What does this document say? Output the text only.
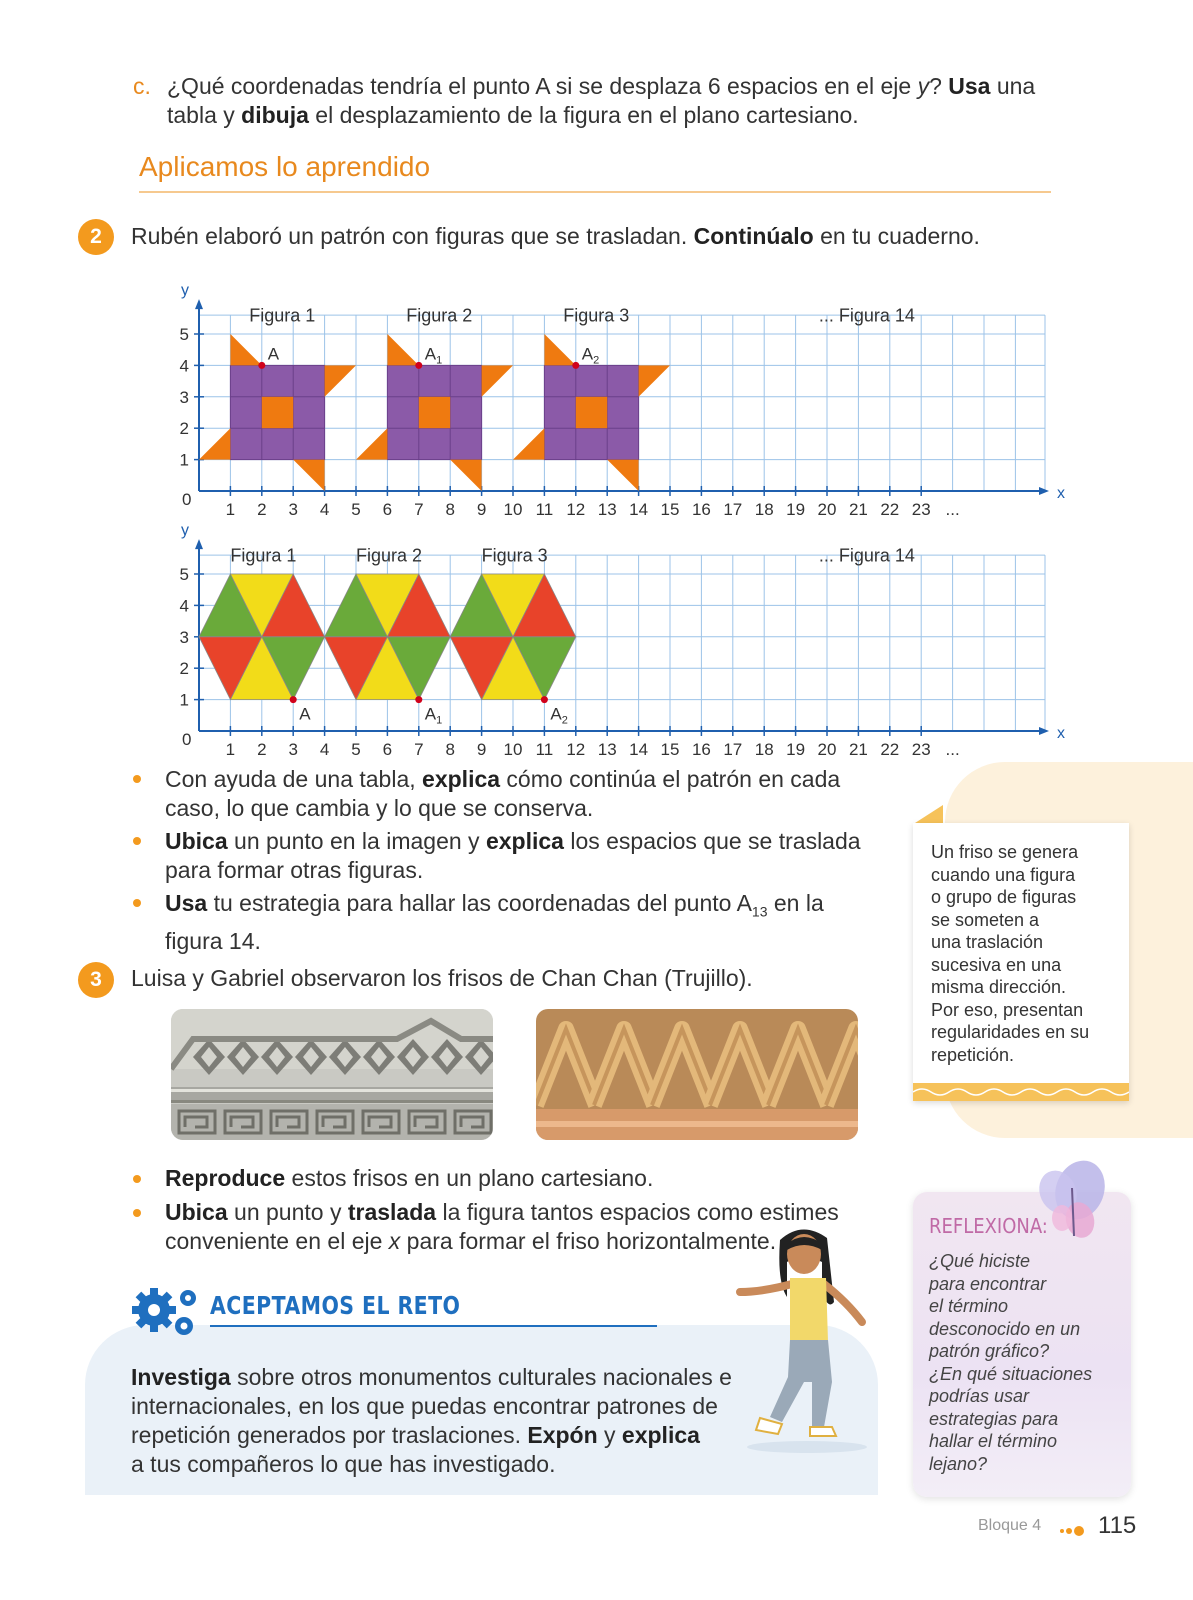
c. ¿Qué coordenadas tendría el punto A si se desplaza 6 espacios en el eje y? Usa una
tabla y dibuja el desplazamiento de la figura en el plano cartesiano.
Aplicamos lo aprendido
2	Rubén elaboró un patrón con figuras que se trasladan. Continúalo en tu cuaderno.
x
y
0
1 2 3 4 5 6 7 8 9 10 11 12 13 14 15 16 17 18 19 20 21 22 23 ...
1
2
3
4
5
Figura 1	Figura 2	Figura 3	... Figura 14
A	$A_1$	$A_2$
x
y
0
1 2 3 4 5 6 7 8 9 10 11 12 13 14 15 16 17 18 19 20 21 22 23 ...
1
2
3
4
5
Figura 1	Figura 2	Figura 3	... Figura 14
A	$A_1$	$A_2$
Con ayuda de una tabla, explica cómo continúa el patrón en cada
caso, lo que cambia y lo que se conserva.
Ubica un punto en la imagen y explica los espacios que se traslada
para formar otras figuras.
Usa tu estrategia para hallar las coordenadas del punto $A_{13}$ en la
figura 14.
Un friso se genera
cuando una figura
o grupo de figuras
se someten a
una traslación
sucesiva en una
misma dirección.
Por eso, presentan
regularidades en su
repetición.
3	Luisa y Gabriel observaron los frisos de Chan Chan (Trujillo).
Reproduce estos frisos en un plano cartesiano.
Ubica un punto y traslada la figura tantos espacios como estimes
conveniente en el eje x para formar el friso horizontalmente.
REFLEXIONA:
¿Qué hiciste
para encontrar
el término
desconocido en un
patrón gráfico?
¿En qué situaciones
podrías usar
estrategias para
hallar el término
lejano?
ACEPTAMOS EL RETO
Investiga sobre otros monumentos culturales nacionales e
internacionales, en los que puedas encontrar patrones de
repetición generados por traslaciones. Expón y explica
a tus compañeros lo que has investigado.
Bloque 4 115
